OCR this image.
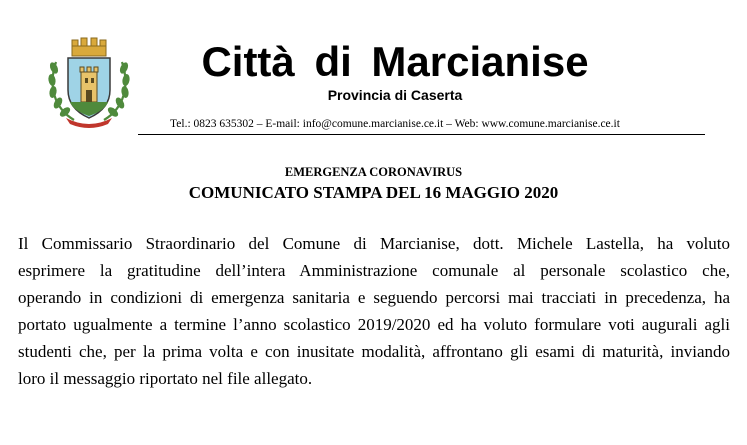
Città di Marcianise
Provincia di Caserta
Tel.: 0823 635302 – E-mail: info@comune.marcianise.ce.it – Web: www.comune.marcianise.ce.it
EMERGENZA CORONAVIRUS
COMUNICATO STAMPA DEL 16 MAGGIO 2020
Il Commissario Straordinario del Comune di Marcianise, dott. Michele Lastella, ha voluto
esprimere la gratitudine dell’intera Amministrazione comunale al personale scolastico che,
operando in condizioni di emergenza sanitaria e seguendo percorsi mai tracciati in precedenza, ha
portato ugualmente a termine l’anno scolastico 2019/2020 ed ha voluto formulare voti augurali agli
studenti che, per la prima volta e con inusitate modalità, affrontano gli esami di maturità, inviando
loro il messaggio riportato nel file allegato.
